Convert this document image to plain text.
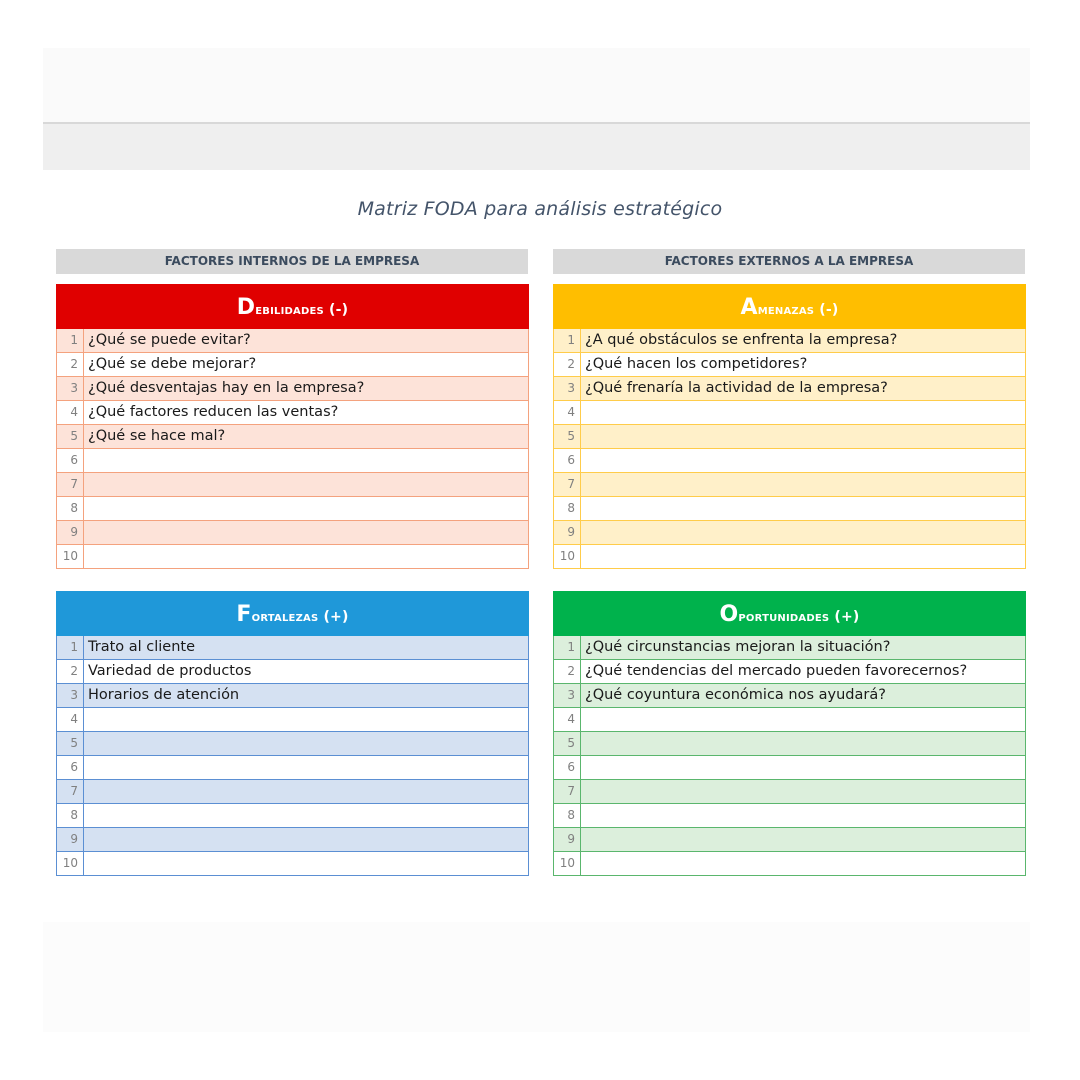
Matriz FODA para análisis estratégico
FACTORES INTERNOS DE LA EMPRESA	FACTORES EXTERNOS A LA EMPRESA
Debilidades (-)
1 ¿Qué se puede evitar?
2 ¿Qué se debe mejorar?
3 ¿Qué desventajas hay en la empresa?
4 ¿Qué factores reducen las ventas?
5 ¿Qué se hace mal?
6
7
8
9
10
Amenazas (-)
1 ¿A qué obstáculos se enfrenta la empresa?
2 ¿Qué hacen los competidores?
3 ¿Qué frenaría la actividad de la empresa?
4
5
6
7
8
9
10
Fortalezas (+)
1 Trato al cliente
2 Variedad de productos
3 Horarios de atención
4
5
6
7
8
9
10
Oportunidades (+)
1 ¿Qué circunstancias mejoran la situación?
2 ¿Qué tendencias del mercado pueden favorecernos?
3 ¿Qué coyuntura económica nos ayudará?
4
5
6
7
8
9
10
